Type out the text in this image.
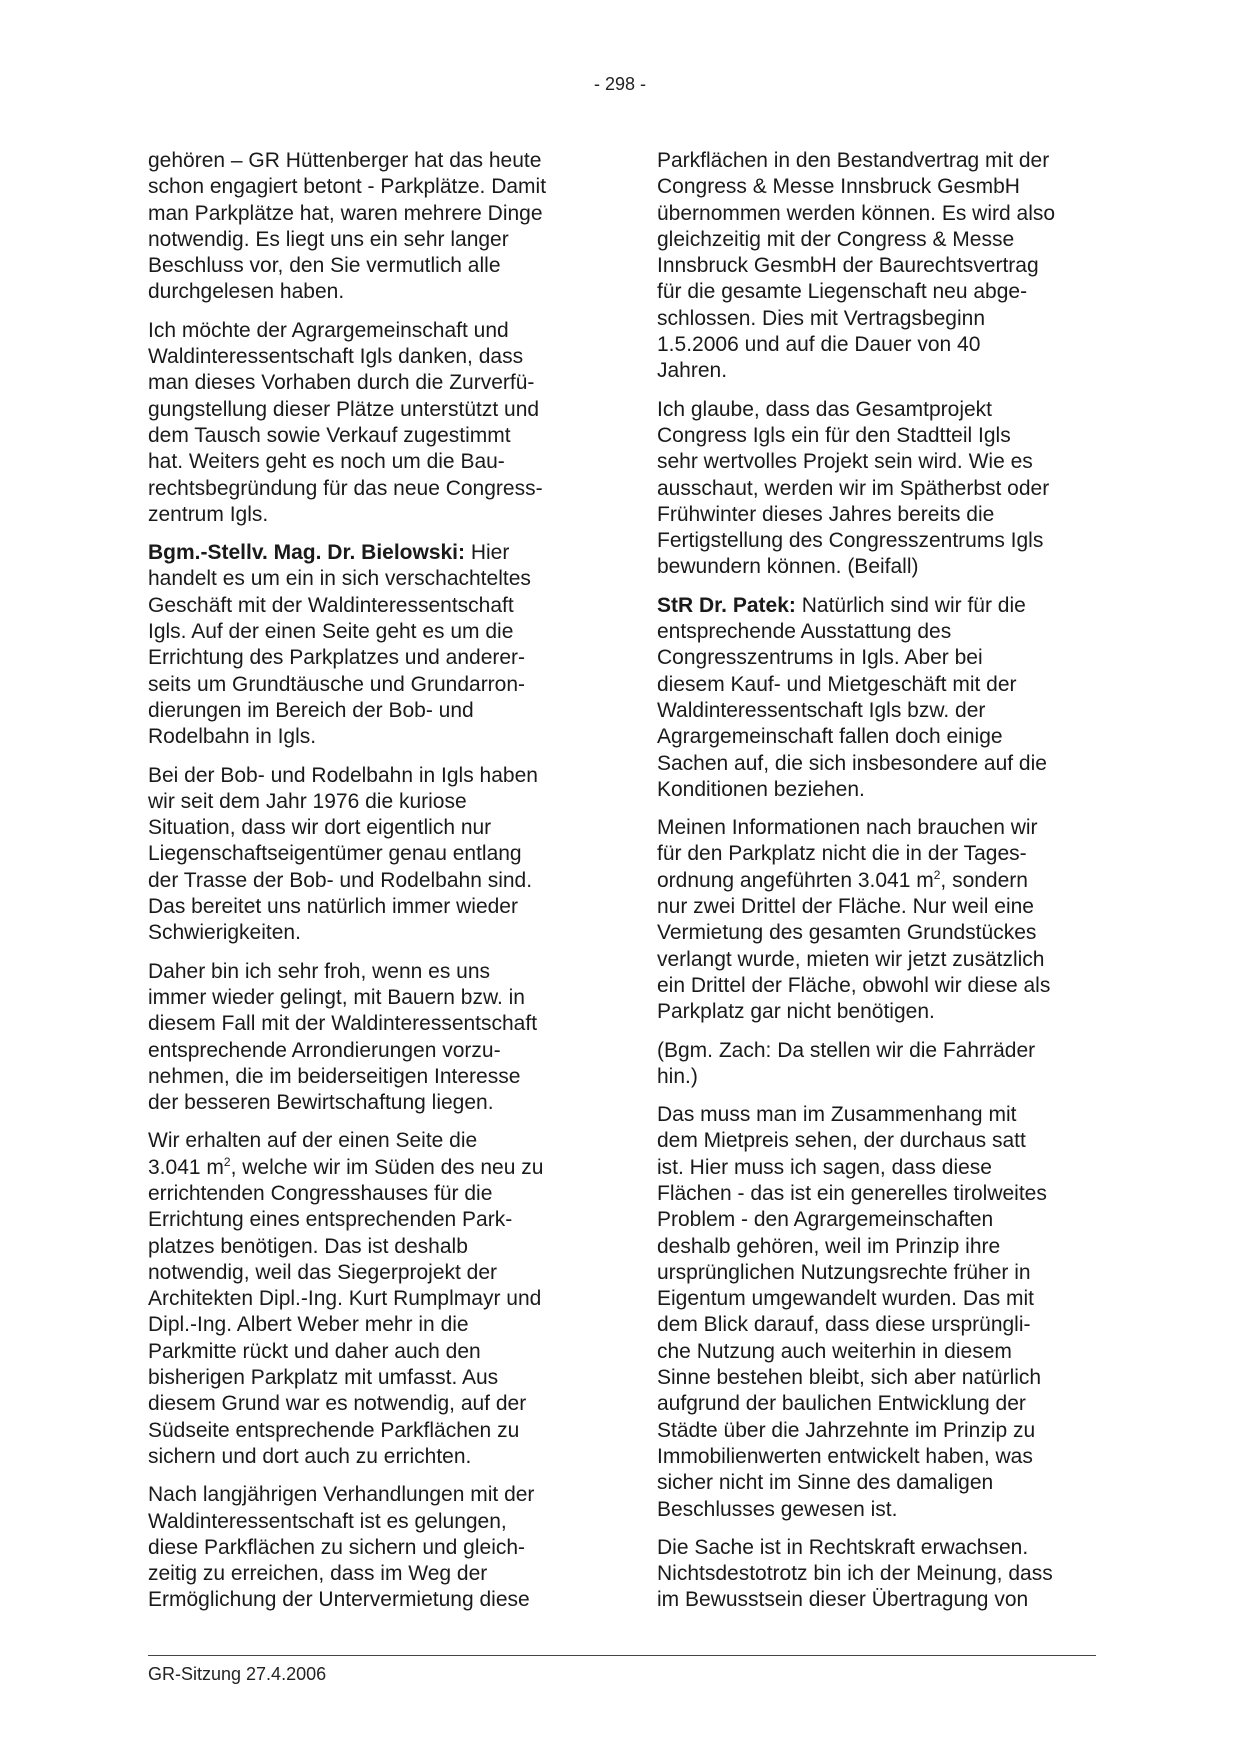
- 298 -

gehören – GR Hüttenberger hat das heute
schon engagiert betont - Parkplätze. Damit
man Parkplätze hat, waren mehrere Dinge
notwendig. Es liegt uns ein sehr langer
Beschluss vor, den Sie vermutlich alle
durchgelesen haben.

Ich möchte der Agrargemeinschaft und
Waldinteressentschaft Igls danken, dass
man dieses Vorhaben durch die Zurverfü-
gungstellung dieser Plätze unterstützt und
dem Tausch sowie Verkauf zugestimmt
hat. Weiters geht es noch um die Bau-
rechtsbegründung für das neue Congress-
zentrum Igls.

Bgm.-Stellv. Mag. Dr. Bielowski: Hier
handelt es um ein in sich verschachteltes
Geschäft mit der Waldinteressentschaft
Igls. Auf der einen Seite geht es um die
Errichtung des Parkplatzes und anderer-
seits um Grundtäusche und Grundarron-
dierungen im Bereich der Bob- und
Rodelbahn in Igls.

Bei der Bob- und Rodelbahn in Igls haben
wir seit dem Jahr 1976 die kuriose
Situation, dass wir dort eigentlich nur
Liegenschaftseigentümer genau entlang
der Trasse der Bob- und Rodelbahn sind.
Das bereitet uns natürlich immer wieder
Schwierigkeiten.

Daher bin ich sehr froh, wenn es uns
immer wieder gelingt, mit Bauern bzw. in
diesem Fall mit der Waldinteressentschaft
entsprechende Arrondierungen vorzu-
nehmen, die im beiderseitigen Interesse
der besseren Bewirtschaftung liegen.

Wir erhalten auf der einen Seite die
3.041 $m^2$, welche wir im Süden des neu zu
errichtenden Congresshauses für die
Errichtung eines entsprechenden Park-
platzes benötigen. Das ist deshalb
notwendig, weil das Siegerprojekt der
Architekten Dipl.-Ing. Kurt Rumplmayr und
Dipl.-Ing. Albert Weber mehr in die
Parkmitte rückt und daher auch den
bisherigen Parkplatz mit umfasst. Aus
diesem Grund war es notwendig, auf der
Südseite entsprechende Parkflächen zu
sichern und dort auch zu errichten.

Nach langjährigen Verhandlungen mit der
Waldinteressentschaft ist es gelungen,
diese Parkflächen zu sichern und gleich-
zeitig zu erreichen, dass im Weg der
Ermöglichung der Untervermietung diese

Parkflächen in den Bestandvertrag mit der
Congress & Messe Innsbruck GesmbH
übernommen werden können. Es wird also
gleichzeitig mit der Congress & Messe
Innsbruck GesmbH der Baurechtsvertrag
für die gesamte Liegenschaft neu abge-
schlossen. Dies mit Vertragsbeginn
1.5.2006 und auf die Dauer von 40
Jahren.

Ich glaube, dass das Gesamtprojekt
Congress Igls ein für den Stadtteil Igls
sehr wertvolles Projekt sein wird. Wie es
ausschaut, werden wir im Spätherbst oder
Frühwinter dieses Jahres bereits die
Fertigstellung des Congresszentrums Igls
bewundern können. (Beifall)

StR Dr. Patek: Natürlich sind wir für die
entsprechende Ausstattung des
Congresszentrums in Igls. Aber bei
diesem Kauf- und Mietgeschäft mit der
Waldinteressentschaft Igls bzw. der
Agrargemeinschaft fallen doch einige
Sachen auf, die sich insbesondere auf die
Konditionen beziehen.

Meinen Informationen nach brauchen wir
für den Parkplatz nicht die in der Tages-
ordnung angeführten 3.041 $m^2$, sondern
nur zwei Drittel der Fläche. Nur weil eine
Vermietung des gesamten Grundstückes
verlangt wurde, mieten wir jetzt zusätzlich
ein Drittel der Fläche, obwohl wir diese als
Parkplatz gar nicht benötigen.

(Bgm. Zach: Da stellen wir die Fahrräder
hin.)

Das muss man im Zusammenhang mit
dem Mietpreis sehen, der durchaus satt
ist. Hier muss ich sagen, dass diese
Flächen - das ist ein generelles tirolweites
Problem - den Agrargemeinschaften
deshalb gehören, weil im Prinzip ihre
ursprünglichen Nutzungsrechte früher in
Eigentum umgewandelt wurden. Das mit
dem Blick darauf, dass diese ursprüngli-
che Nutzung auch weiterhin in diesem
Sinne bestehen bleibt, sich aber natürlich
aufgrund der baulichen Entwicklung der
Städte über die Jahrzehnte im Prinzip zu
Immobilienwerten entwickelt haben, was
sicher nicht im Sinne des damaligen
Beschlusses gewesen ist.

Die Sache ist in Rechtskraft erwachsen.
Nichtsdestotrotz bin ich der Meinung, dass
im Bewusstsein dieser Übertragung von

GR-Sitzung 27.4.2006
